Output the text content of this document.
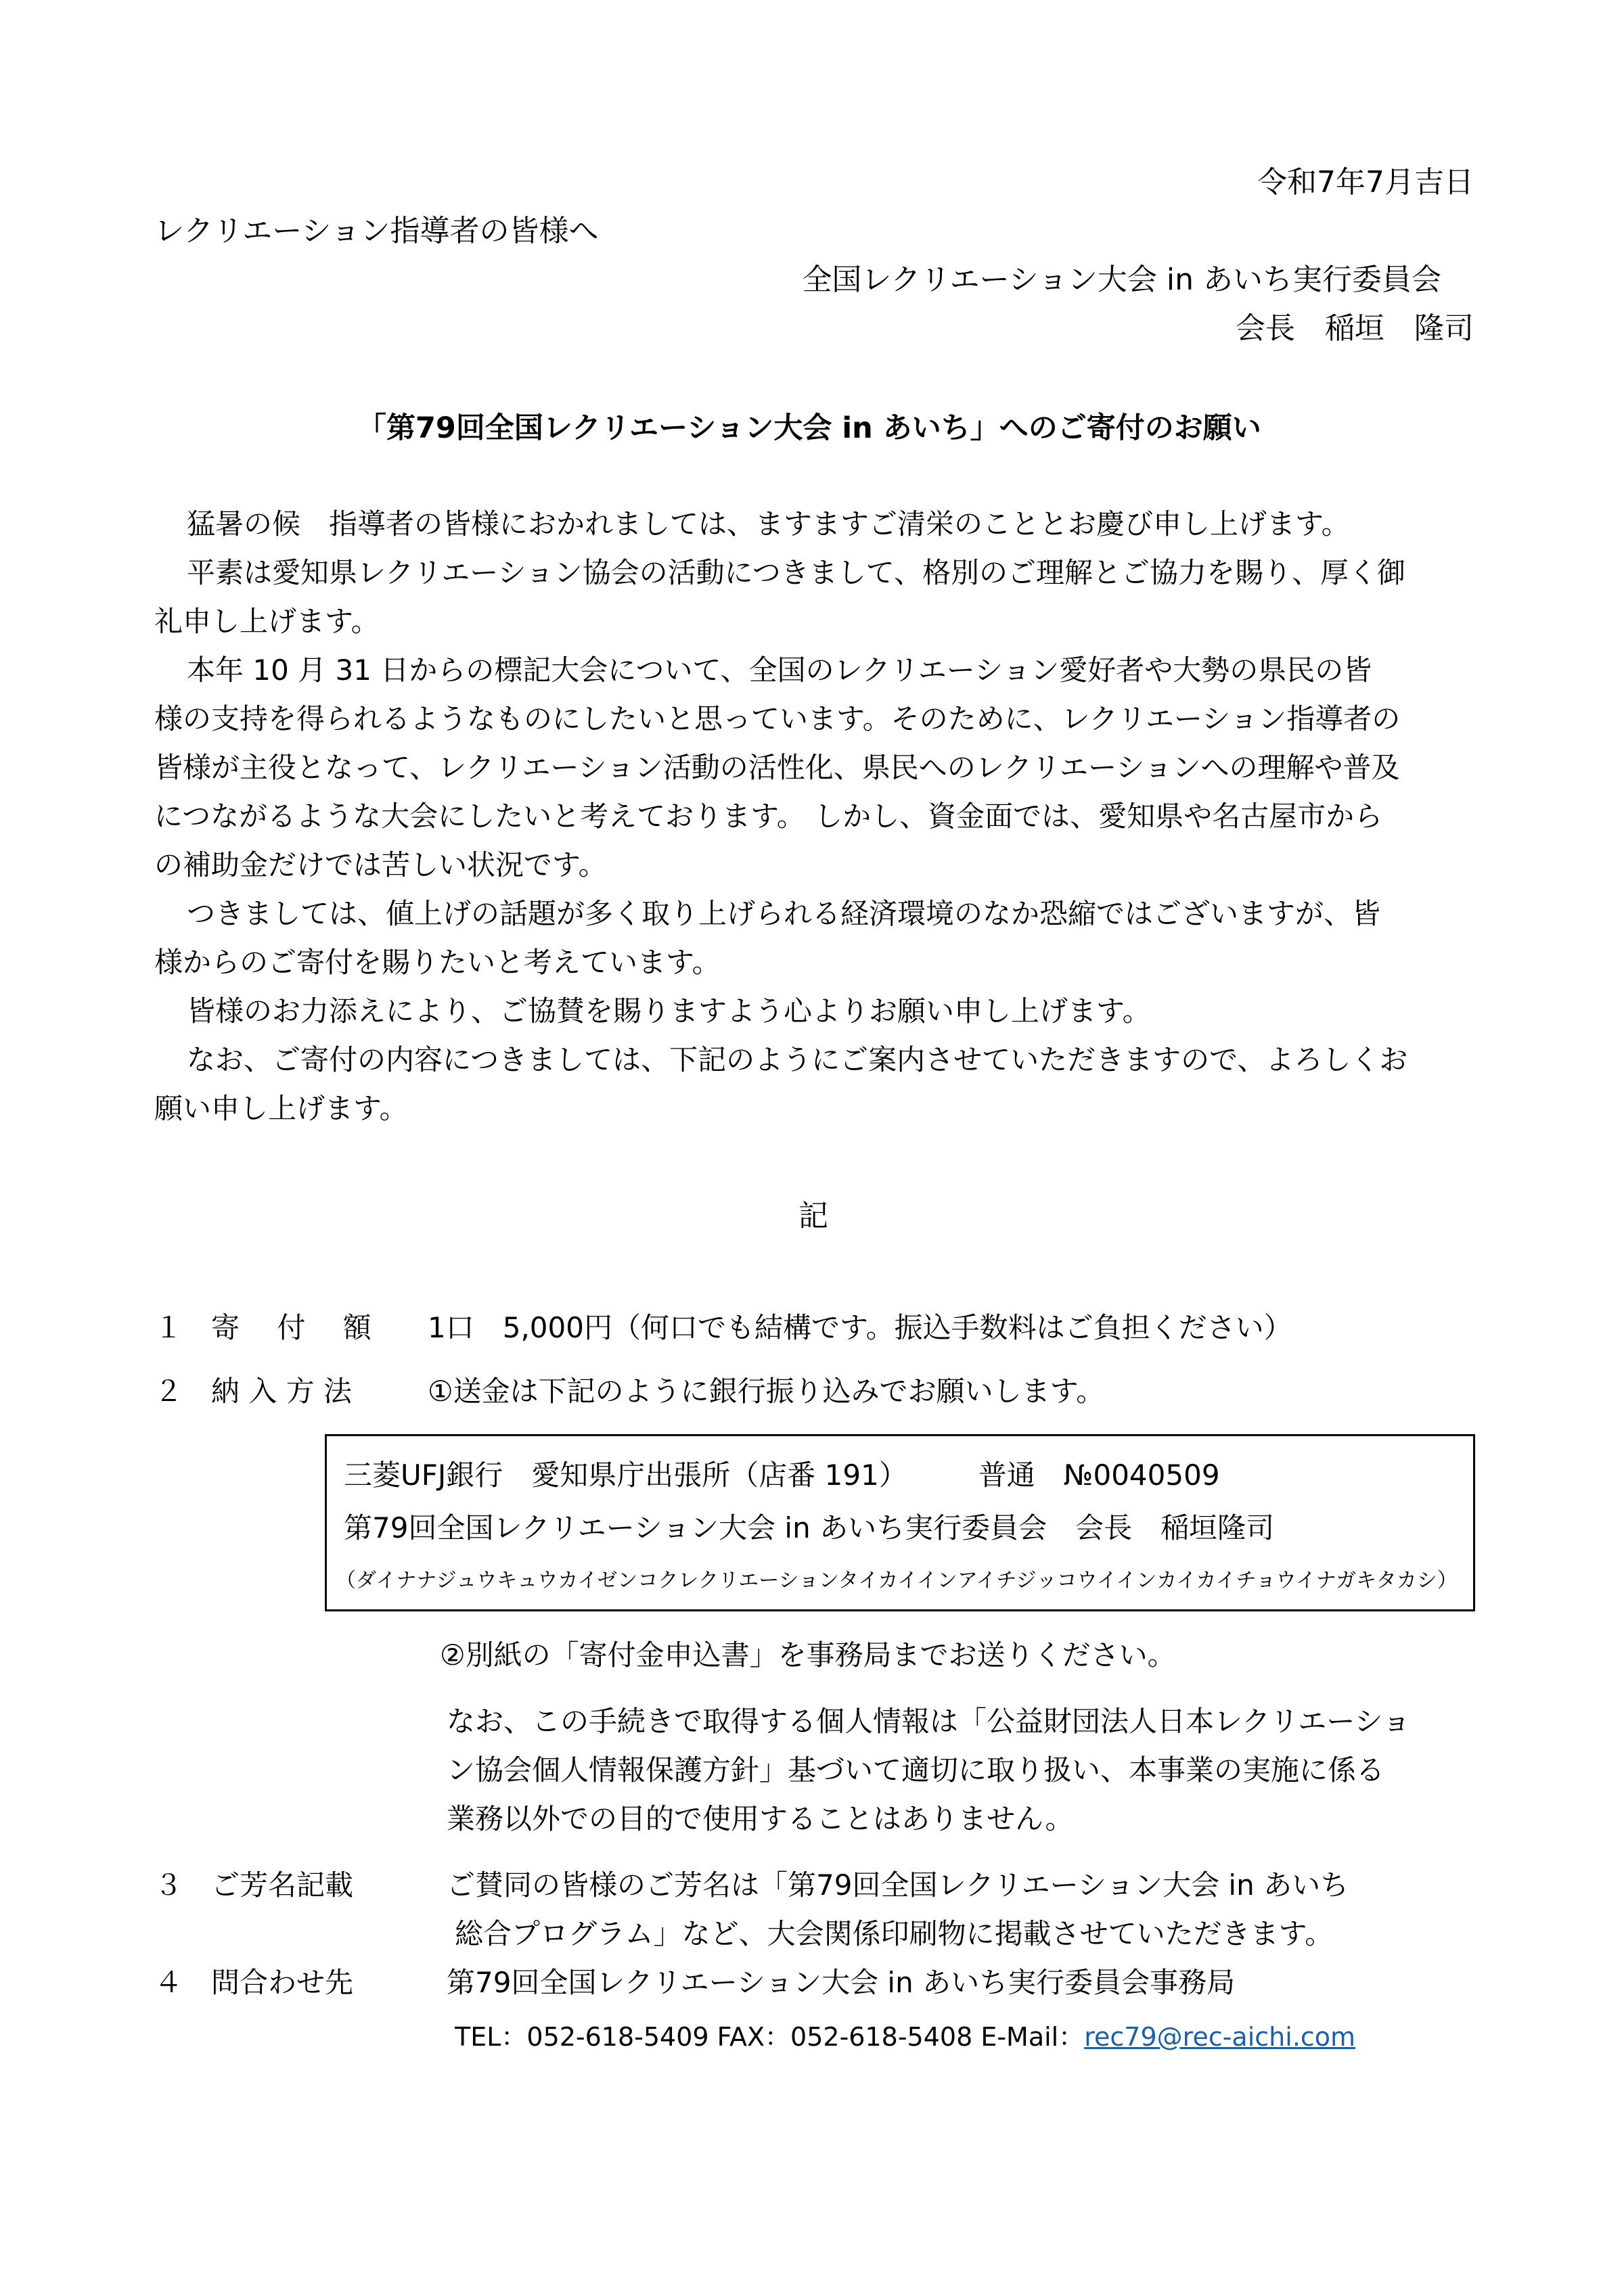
令和7年7月吉日
レクリエーション指導者の皆様へ
全国レクリエーション大会 in あいち実行委員会
会長　稲垣　隆司
「第79回全国レクリエーション大会 in あいち」へのご寄付のお願い
猛暑の候　指導者の皆様におかれましては、ますますご清栄のこととお慶び申し上げます。
平素は愛知県レクリエーション協会の活動につきまして、格別のご理解とご協力を賜り、厚く御
礼申し上げます。
本年 10 月 31 日からの標記大会について、全国のレクリエーション愛好者や大勢の県民の皆
様の支持を得られるようなものにしたいと思っています。そのために、レクリエーション指導者の
皆様が主役となって、レクリエーション活動の活性化、県民へのレクリエーションへの理解や普及
につながるような大会にしたいと考えております。 しかし、資金面では、愛知県や名古屋市から
の補助金だけでは苦しい状況です。
つきましては、値上げの話題が多く取り上げられる経済環境のなか恐縮ではございますが、皆
様からのご寄付を賜りたいと考えています。
皆様のお力添えにより、ご協賛を賜りますよう心よりお願い申し上げます。
なお、ご寄付の内容につきましては、下記のようにご案内させていただきますので、よろしくお
願い申し上げます。
記
１　寄　 付　 額 1口　5,000円（何口でも結構です。振込手数料はご負担ください）
２　納 入 方 法	①送金は下記のように銀行振り込みでお願いします。
三菱UFJ銀行　愛知県庁出張所（店番 191）　　　普通　№0040509
第79回全国レクリエーション大会 in あいち実行委員会　会長　稲垣隆司
（ダイナナジュウキュウカイゼンコクレクリエーションタイカイインアイチジッコウイインカイカイチョウイナガキタカシ）
②別紙の「寄付金申込書」を事務局までお送りください。
なお、この手続きで取得する個人情報は「公益財団法人日本レクリエーショ
ン協会個人情報保護方針」基づいて適切に取り扱い、本事業の実施に係る
業務以外での目的で使用することはありません。
３　ご芳名記載	ご賛同の皆様のご芳名は「第79回全国レクリエーション大会 in あいち
総合プログラム」など、大会関係印刷物に掲載させていただきます。
４　問合わせ先	第79回全国レクリエーション大会 in あいち実行委員会事務局
TEL：052-618-5409 FAX：052-618-5408 E-Mail：rec79@rec-aichi.com
